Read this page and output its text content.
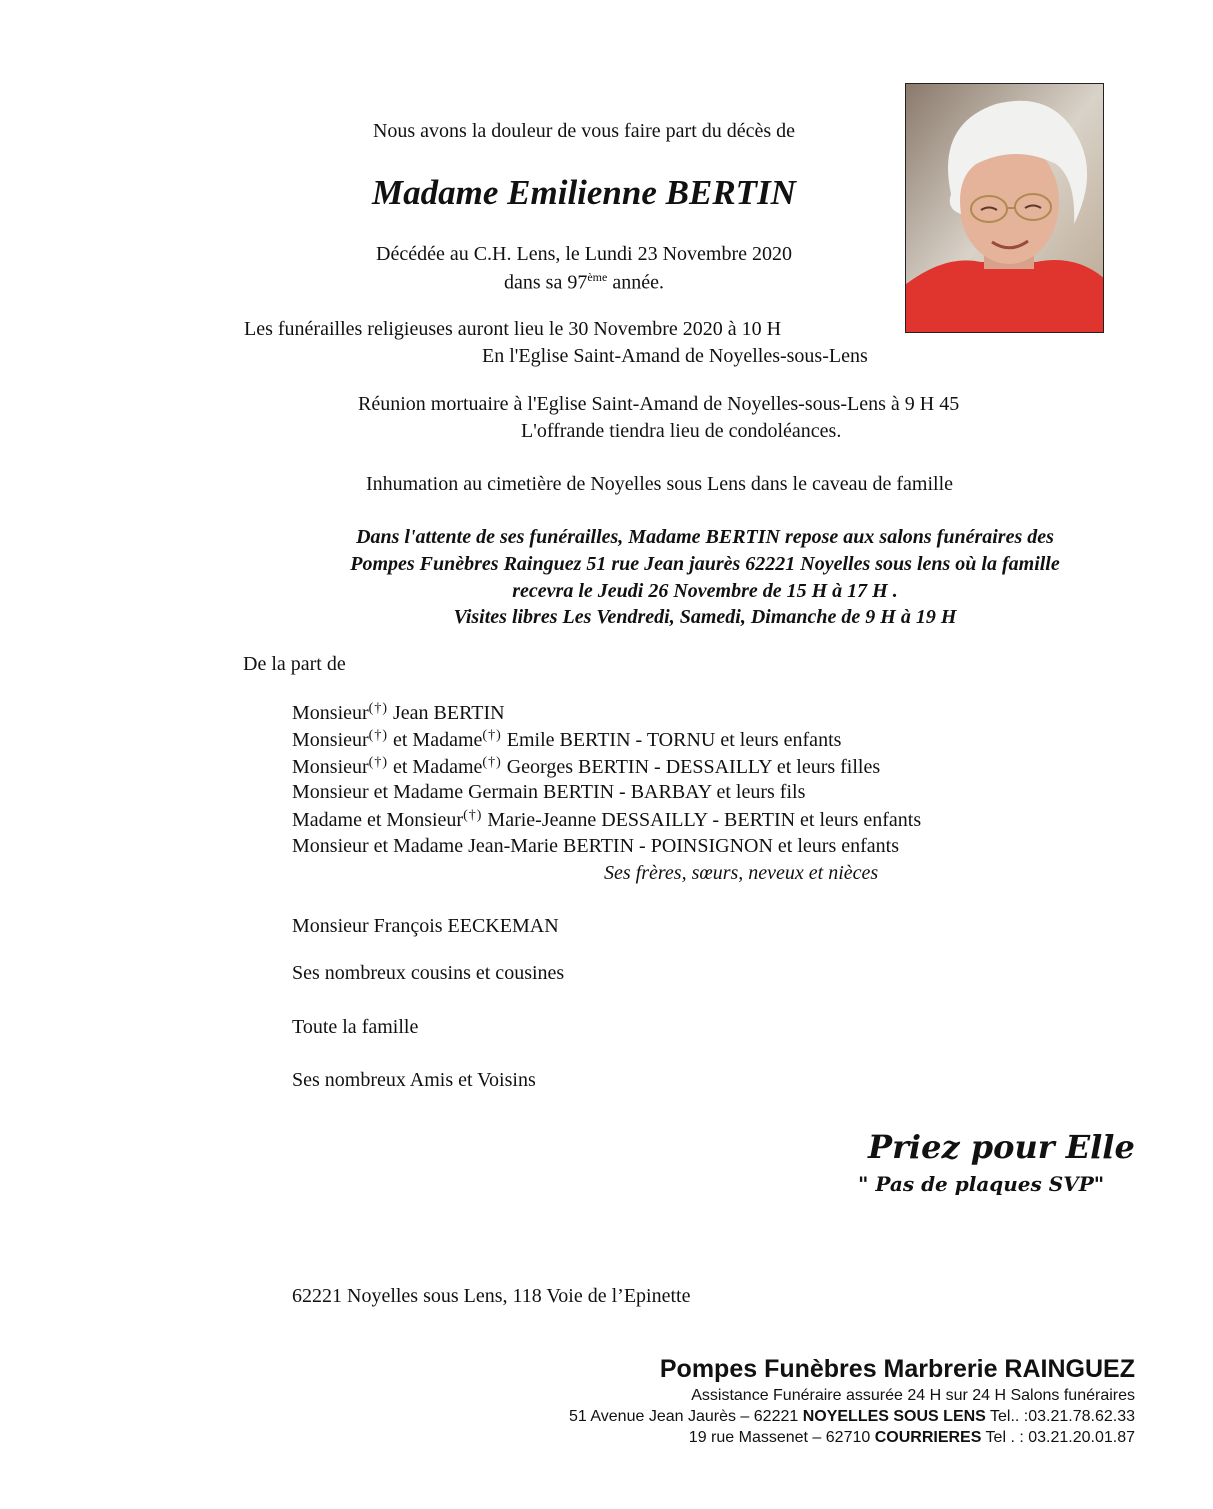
Nous avons la douleur de vous faire part du décès de
Madame Emilienne BERTIN
Décédée au C.H. Lens, le Lundi 23 Novembre 2020
dans sa 97ème année.
Les funérailles religieuses auront lieu le 30 Novembre 2020 à 10 H
En l'Eglise Saint-Amand de Noyelles-sous-Lens
Réunion mortuaire à l'Eglise Saint-Amand de Noyelles-sous-Lens à 9 H 45
L'offrande tiendra lieu de condoléances.
Inhumation au cimetière de Noyelles sous Lens dans le caveau de famille
Dans l'attente de ses funérailles, Madame BERTIN repose aux salons funéraires des
Pompes Funèbres Rainguez 51 rue Jean jaurès 62221 Noyelles sous lens où la famille
recevra le Jeudi 26 Novembre de 15 H à 17 H .
Visites libres Les Vendredi, Samedi, Dimanche de 9 H à 19 H
De la part de
Monsieur(†) Jean BERTIN
Monsieur(†) et Madame(†) Emile BERTIN - TORNU et leurs enfants
Monsieur(†) et Madame(†) Georges BERTIN - DESSAILLY et leurs filles
Monsieur et Madame Germain BERTIN - BARBAY et leurs fils
Madame et Monsieur(†) Marie-Jeanne DESSAILLY - BERTIN et leurs enfants
Monsieur et Madame Jean-Marie BERTIN - POINSIGNON et leurs enfants
Ses frères, sœurs, neveux et nièces
Monsieur François EECKEMAN
Ses nombreux cousins et cousines
Toute la famille
Ses nombreux Amis et Voisins
Priez pour Elle
" Pas de plaques SVP"
62221 Noyelles sous Lens, 118 Voie de l’Epinette
Pompes Funèbres Marbrerie RAINGUEZ
Assistance Funéraire assurée 24 H sur 24 H Salons funéraires
51 Avenue Jean Jaurès – 62221 NOYELLES SOUS LENS Tel.. :03.21.78.62.33
19 rue Massenet – 62710 COURRIERES Tel . : 03.21.20.01.87
